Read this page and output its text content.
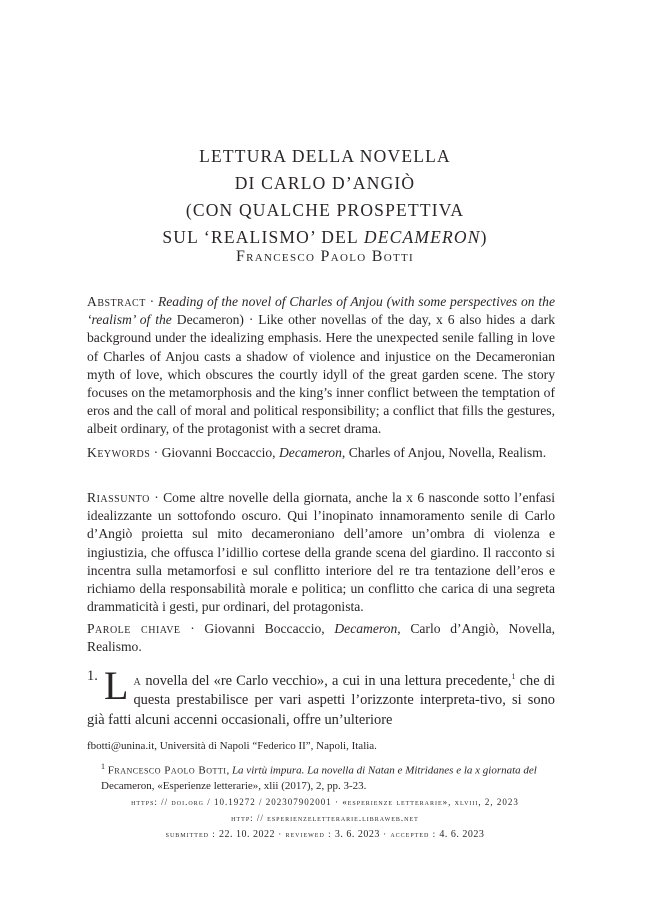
LETTURA DELLA NOVELLA
DI CARLO D’ANGIÒ
(CON QUALCHE PROSPETTIVA
SUL ‘REALISMO’ DEL DECAMERON)
Francesco Paolo Botti
Abstract · Reading of the novel of Charles of Anjou (with some perspectives on the ‘realism’ of the Decameron) · Like other novellas of the day, x 6 also hides a dark background under the idealizing emphasis. Here the unexpected senile falling in love of Charles of Anjou casts a shadow of violence and injustice on the Decameronian myth of love, which obscures the courtly idyll of the great garden scene. The story focuses on the metamorphosis and the king’s inner conflict between the temptation of eros and the call of moral and political responsibility; a conflict that fills the gestures, albeit ordinary, of the protagonist with a secret drama.
Keywords · Giovanni Boccaccio, Decameron, Charles of Anjou, Novella, Realism.
Riassunto · Come altre novelle della giornata, anche la x 6 nasconde sotto l’enfasi idealizzante un sottofondo oscuro. Qui l’inopinato innamoramento senile di Carlo d’Angiò proietta sul mito decameroniano dell’amore un’ombra di violenza e ingiustizia, che offusca l’idillio cortese della grande scena del giardino. Il racconto si incentra sulla metamorfosi e sul conflitto interiore del re tra tentazione dell’eros e richiamo della responsabilità morale e politica; un conflitto che carica di una segreta drammaticità i gesti, pur ordinari, del protagonista.
Parole chiave · Giovanni Boccaccio, Decameron, Carlo d’Angiò, Novella, Realismo.
1. L a novella del «re Carlo vecchio», a cui in una lettura precedente,$^1$ che di questa prestabilisce per vari aspetti l’orizzonte interpreta-tivo, si sono già fatti alcuni accenni occasionali, offre un’ulteriore
fbotti@unina.it, Università di Napoli “Federico II”, Napoli, Italia.
$^1$ Francesco Paolo Botti, La virtù impura. La novella di Natan e Mitridanes e la x giornata del Decameron, «Esperienze letterarie», xlii (2017), 2, pp. 3-23.
https: // doi.org / 10.19272 / 202307902001 · «esperienze letterarie», xlviii, 2, 2023
http: // esperienzeletterarie.libraweb.net
submitted : 22. 10. 2022 · reviewed : 3. 6. 2023 · accepted : 4. 6. 2023
